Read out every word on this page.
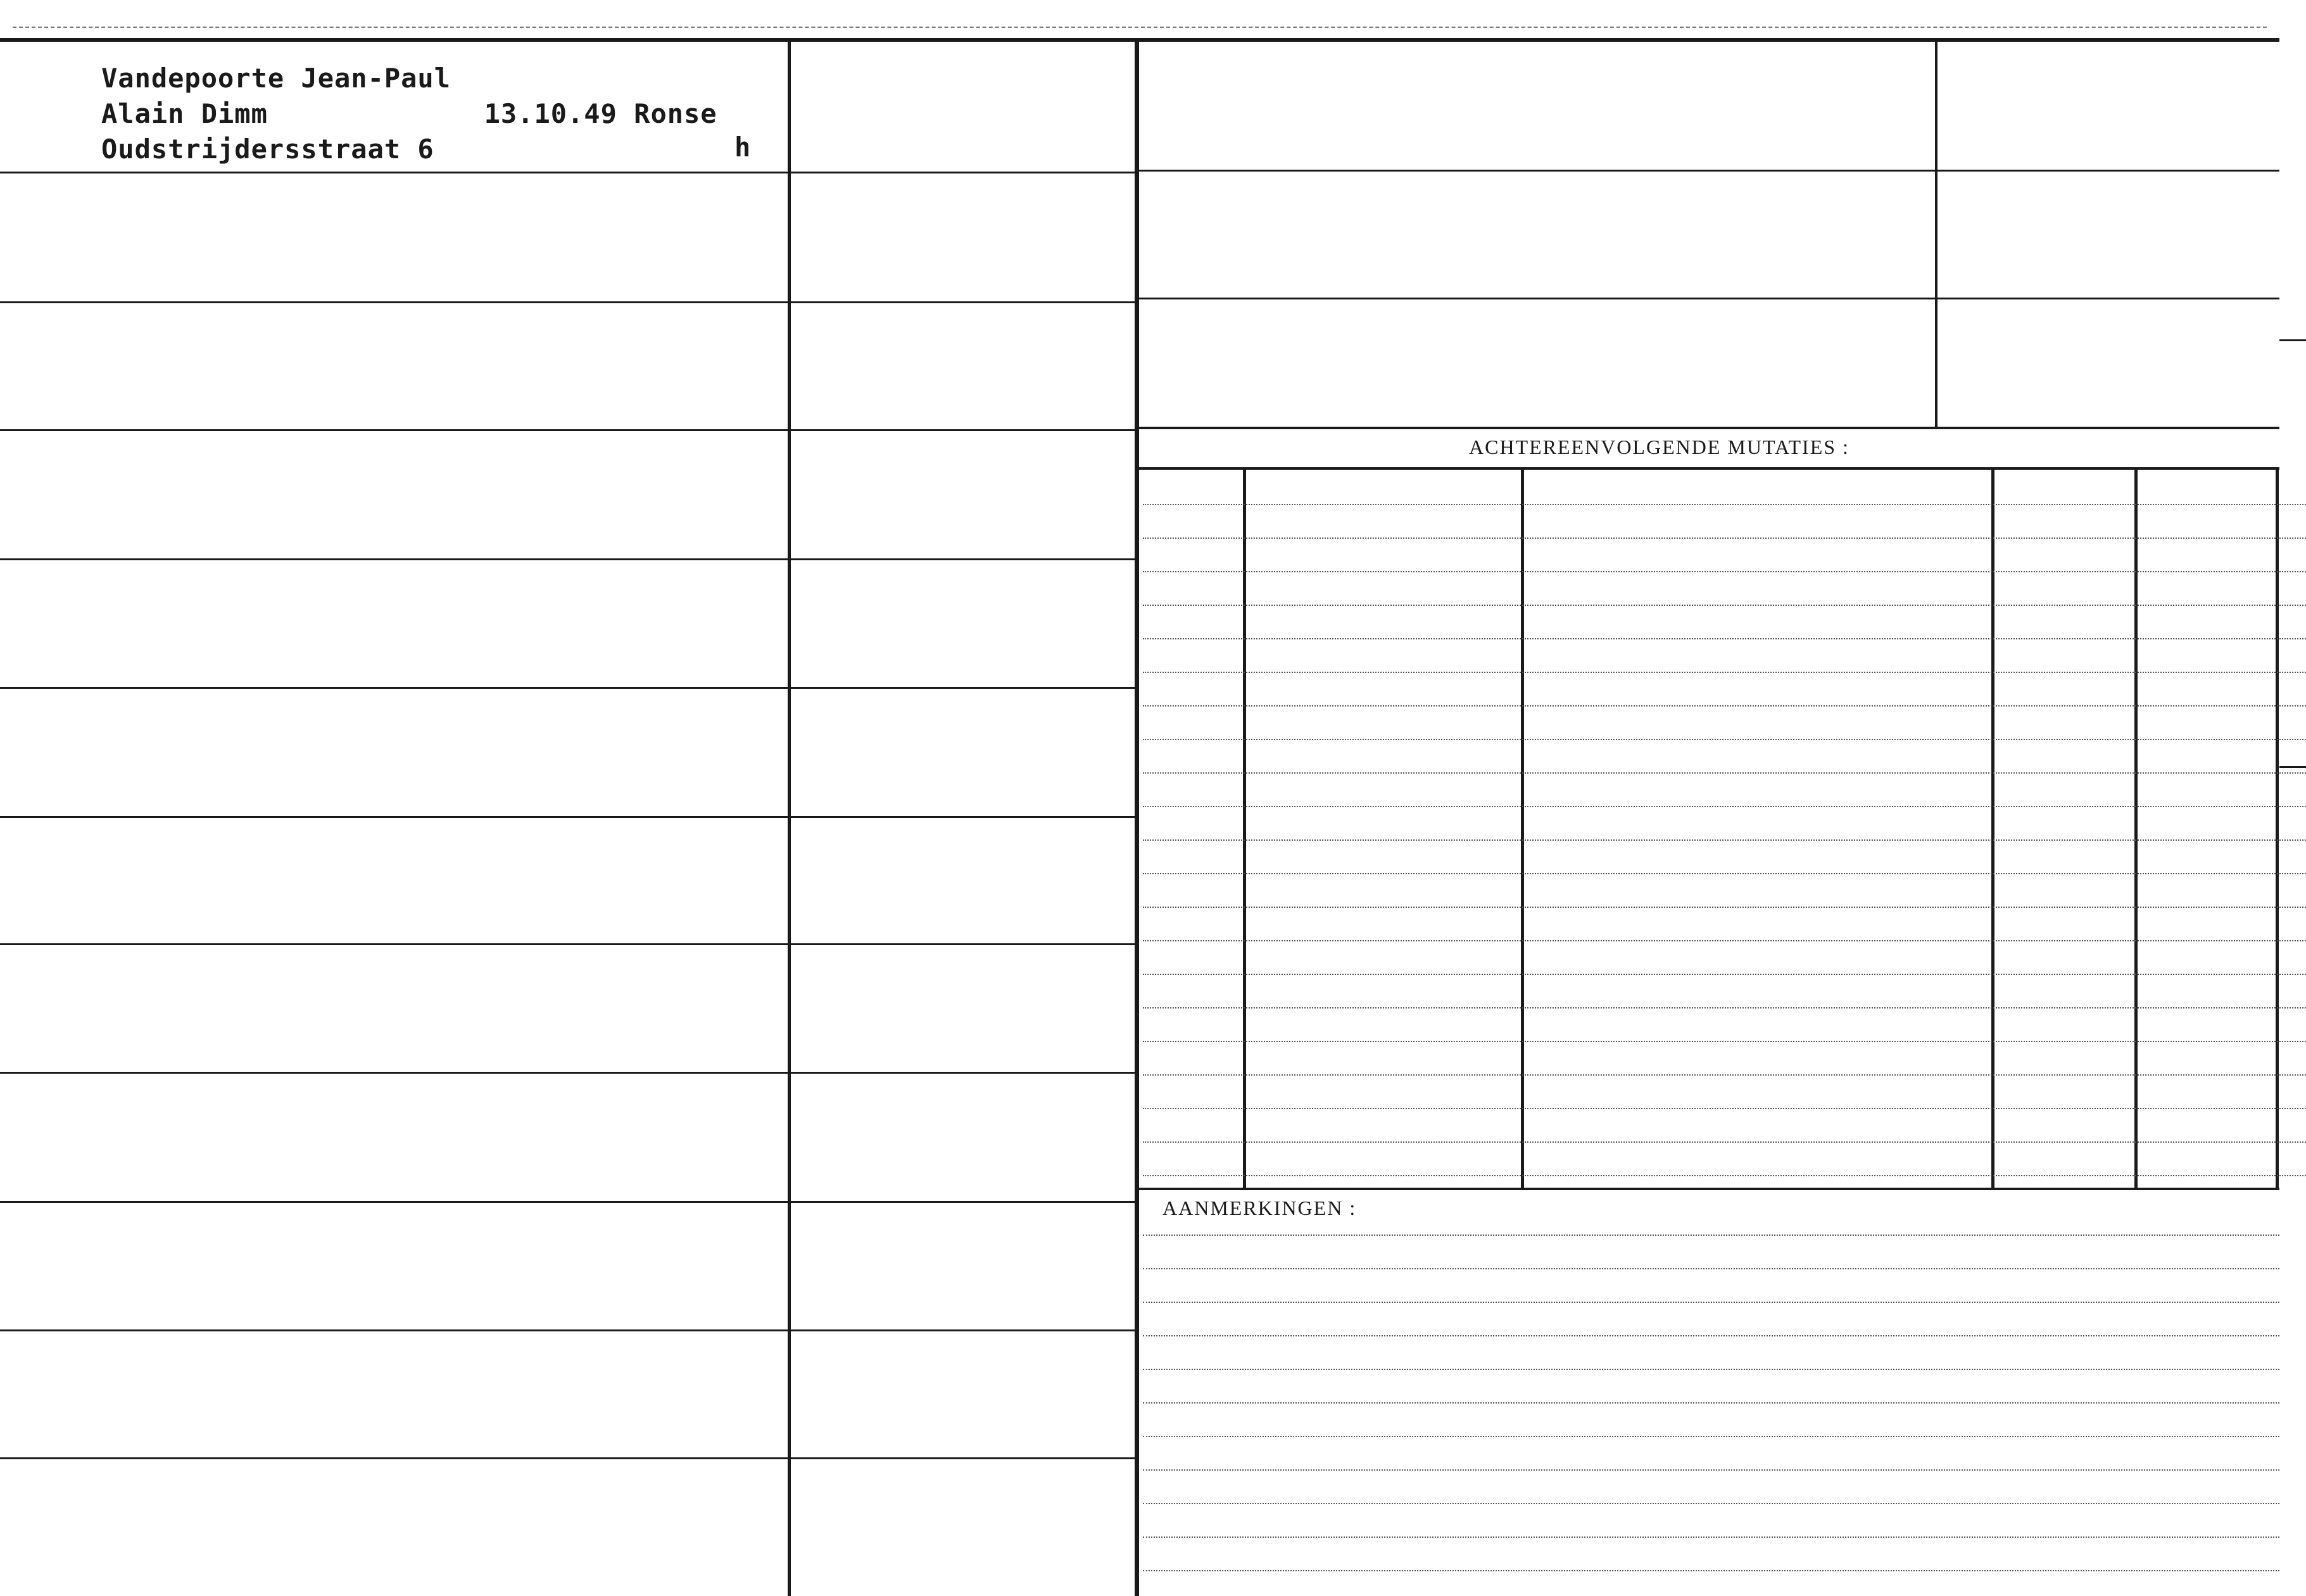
ACHTEREENVOLGENDE MUTATIES :
AANMERKINGEN :
Vandepoorte Jean-Paul
Alain Dimm             13.10.49 Ronse
Oudstrijdersstraat 6	h
